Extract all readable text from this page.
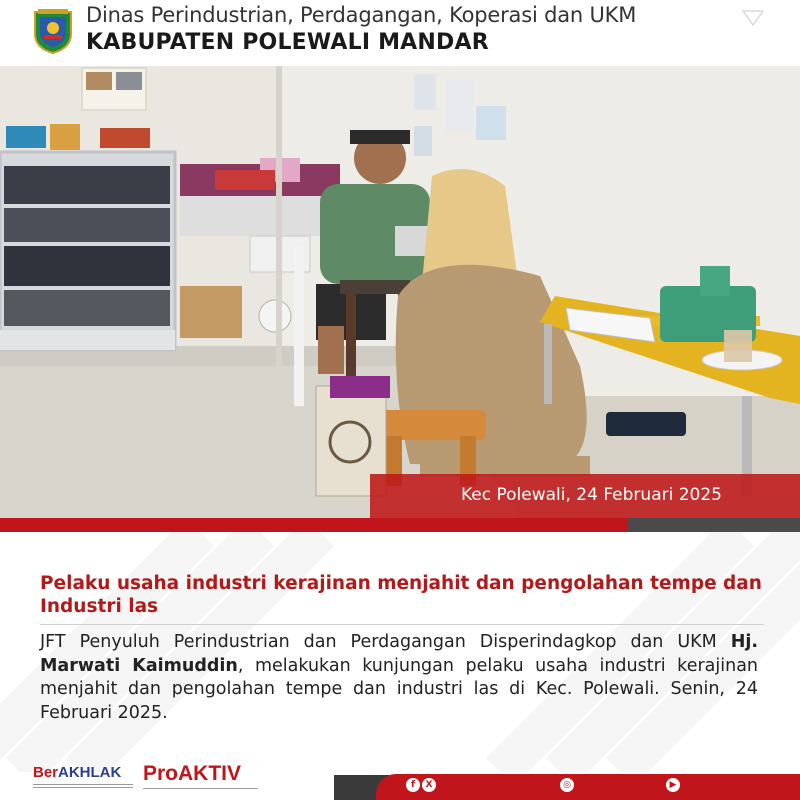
Dinas Perindustrian, Perdagangan, Koperasi dan UKM
KABUPATEN POLEWALI MANDAR
Kec Polewali, 24 Februari 2025
Pelaku usaha industri kerajinan menjahit dan pengolahan tempe dan Industri las
JFT Penyuluh Perindustrian dan Perdagangan Disperindagkop dan UKM Hj. Marwati Kaimuddin, melakukan kunjungan pelaku usaha industri kerajinan menjahit dan pengolahan tempe dan industri las di Kec. Polewali. Senin, 24 Februari 2025.
BerAKHLAK ProAKTIV	f	X	◎	▶
